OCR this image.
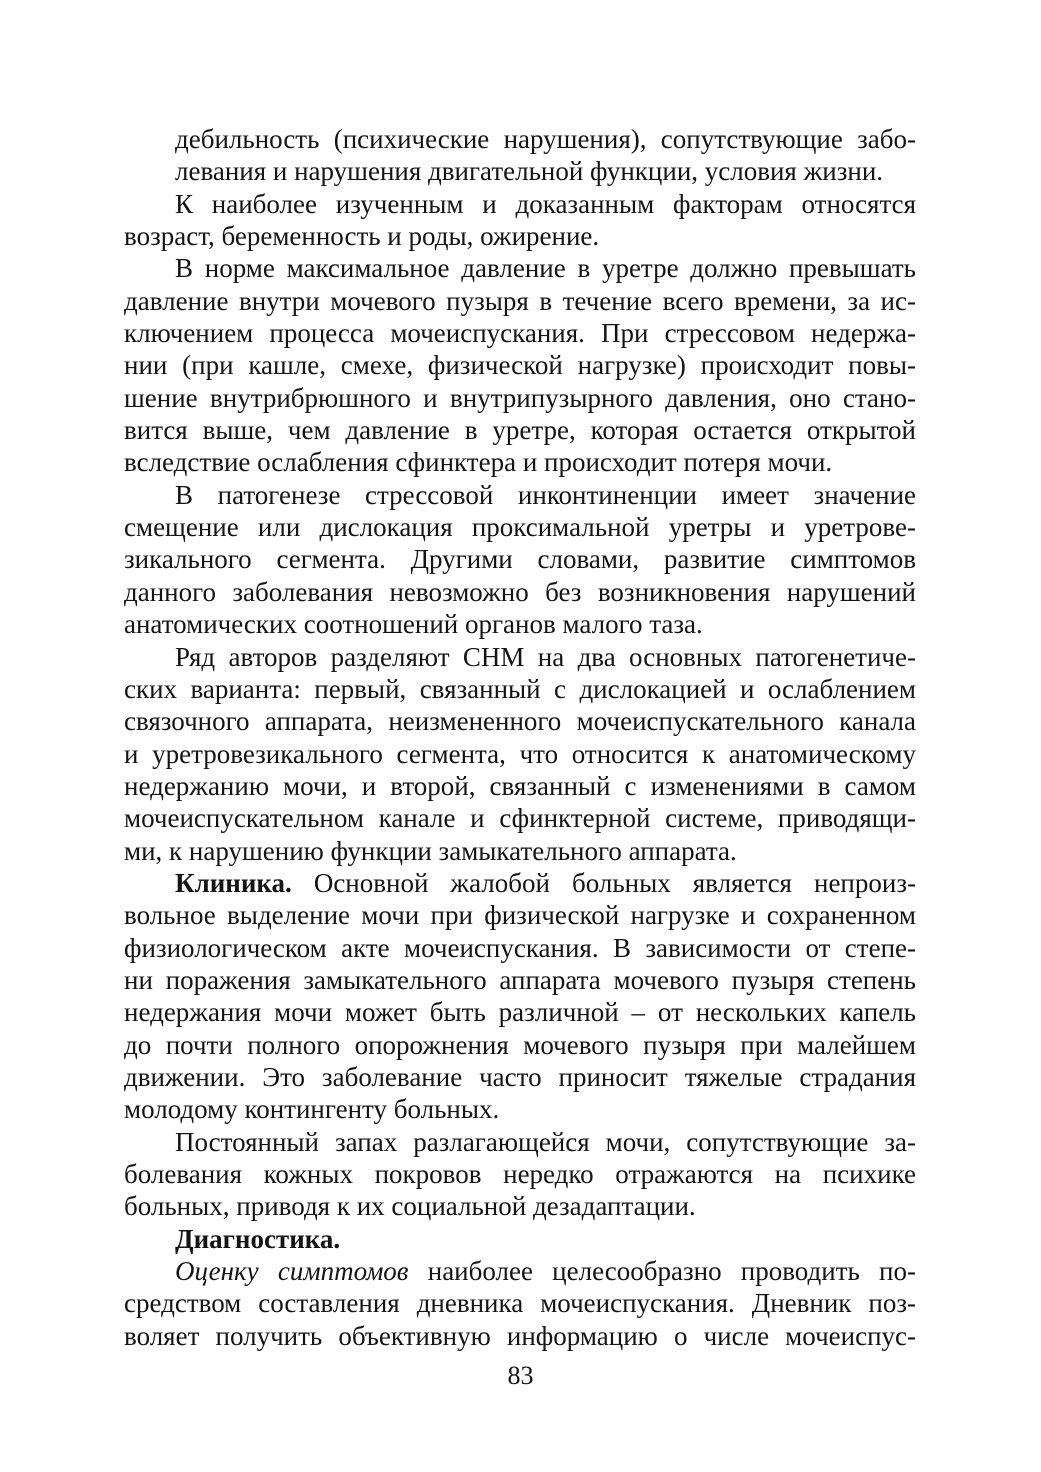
дебильность (психические нарушения), сопутствующие забо-
левания и нарушения двигательной функции, условия жизни.
К наиболее изученным и доказанным факторам относятся
возраст, беременность и роды, ожирение.
В норме максимальное давление в уретре должно превышать
давление внутри мочевого пузыря в течение всего времени, за ис-
ключением процесса мочеиспускания. При стрессовом недержа-
нии (при кашле, смехе, физической нагрузке) происходит повы-
шение внутрибрюшного и внутрипузырного давления, оно стано-
вится выше, чем давление в уретре, которая остается открытой
вследствие ослабления сфинктера и происходит потеря мочи.
В патогенезе стрессовой инконтиненции имеет значение
смещение или дислокация проксимальной уретры и уретрове-
зикального сегмента. Другими словами, развитие симптомов
данного заболевания невозможно без возникновения нарушений
анатомических соотношений органов малого таза.
Ряд авторов разделяют СНМ на два основных патогенетиче-
ских варианта: первый, связанный с дислокацией и ослаблением
связочного аппарата, неизмененного мочеиспускательного канала
и уретровезикального сегмента, что относится к анатомическому
недержанию мочи, и второй, связанный с изменениями в самом
мочеиспускательном канале и сфинктерной системе, приводящи-
ми, к нарушению функции замыкательного аппарата.
Клиника. Основной жалобой больных является непроиз-
вольное выделение мочи при физической нагрузке и сохраненном
физиологическом акте мочеиспускания. В зависимости от степе-
ни поражения замыкательного аппарата мочевого пузыря степень
недержания мочи может быть различной – от нескольких капель
до почти полного опорожнения мочевого пузыря при малейшем
движении. Это заболевание часто приносит тяжелые страдания
молодому контингенту больных.
Постоянный запах разлагающейся мочи, сопутствующие за-
болевания кожных покровов нередко отражаются на психике
больных, приводя к их социальной дезадаптации.
Диагностика.
Оценку симптомов наиболее целесообразно проводить по-
средством составления дневника мочеиспускания. Дневник поз-
воляет получить объективную информацию о числе мочеиспус-
83
